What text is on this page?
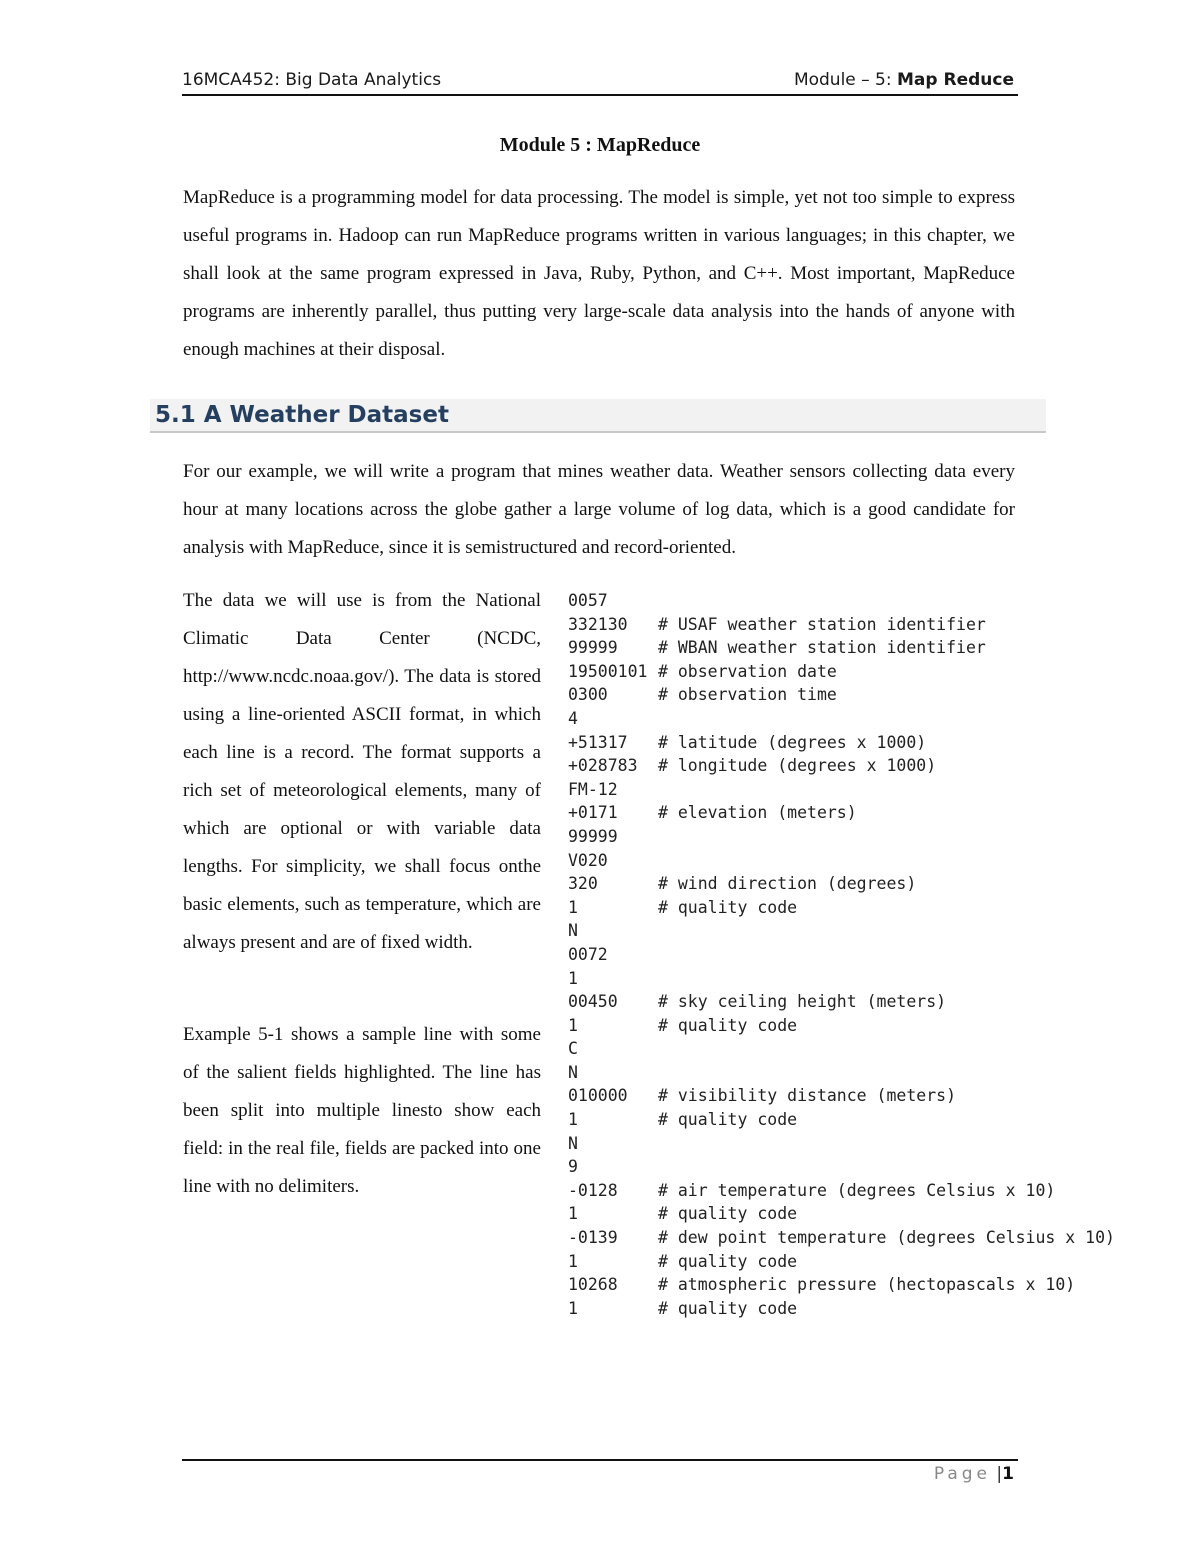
16MCA452: Big Data Analytics	Module – 5: Map Reduce
Module 5 : MapReduce

MapReduce is a programming model for data processing. The model is simple, yet not too simple to express useful programs in. Hadoop can run MapReduce programs written in various languages; in this chapter, we shall look at the same program expressed in Java, Ruby, Python, and C++. Most important, MapReduce programs are inherently parallel, thus putting very large-scale data analysis into the hands of anyone with enough machines at their disposal.

5.1 A Weather Dataset

For our example, we will write a program that mines weather data. Weather sensors collecting data every hour at many locations across the globe gather a large volume of log data, which is a good candidate for analysis with MapReduce, since it is semistructured and record-oriented.

The data we will use is from the National Climatic Data Center (NCDC, http://www.ncdc.noaa.gov/). The data is stored using a line-oriented ASCII format, in which each line is a record. The format supports a rich set of meteorological elements, many of which are optional or with variable data lengths. For simplicity, we shall focus onthe basic elements, such as temperature, which are always present and are of fixed width.

Example 5-1 shows a sample line with some of the salient fields highlighted. The line has been split into multiple linesto show each field: in the real file, fields are packed into one line with no delimiters.

0057
332130 # USAF weather station identifier
99999 # WBAN weather station identifier
19500101 # observation date
0300	# observation time
4
+51317 # latitude (degrees x 1000)
+028783 # longitude (degrees x 1000)
FM-12
+0171 # elevation (meters)
99999
V020
320	# wind direction (degrees)
1	# quality code
N
0072
1
00450 # sky ceiling height (meters)
1	# quality code
C
N
010000 # visibility distance (meters)
1	# quality code
N
9
-0128 # air temperature (degrees Celsius x 10)
1	# quality code
-0139 # dew point temperature (degrees Celsius x 10)
1	# quality code
10268 # atmospheric pressure (hectopascals x 10)
1	# quality code
Page |1
